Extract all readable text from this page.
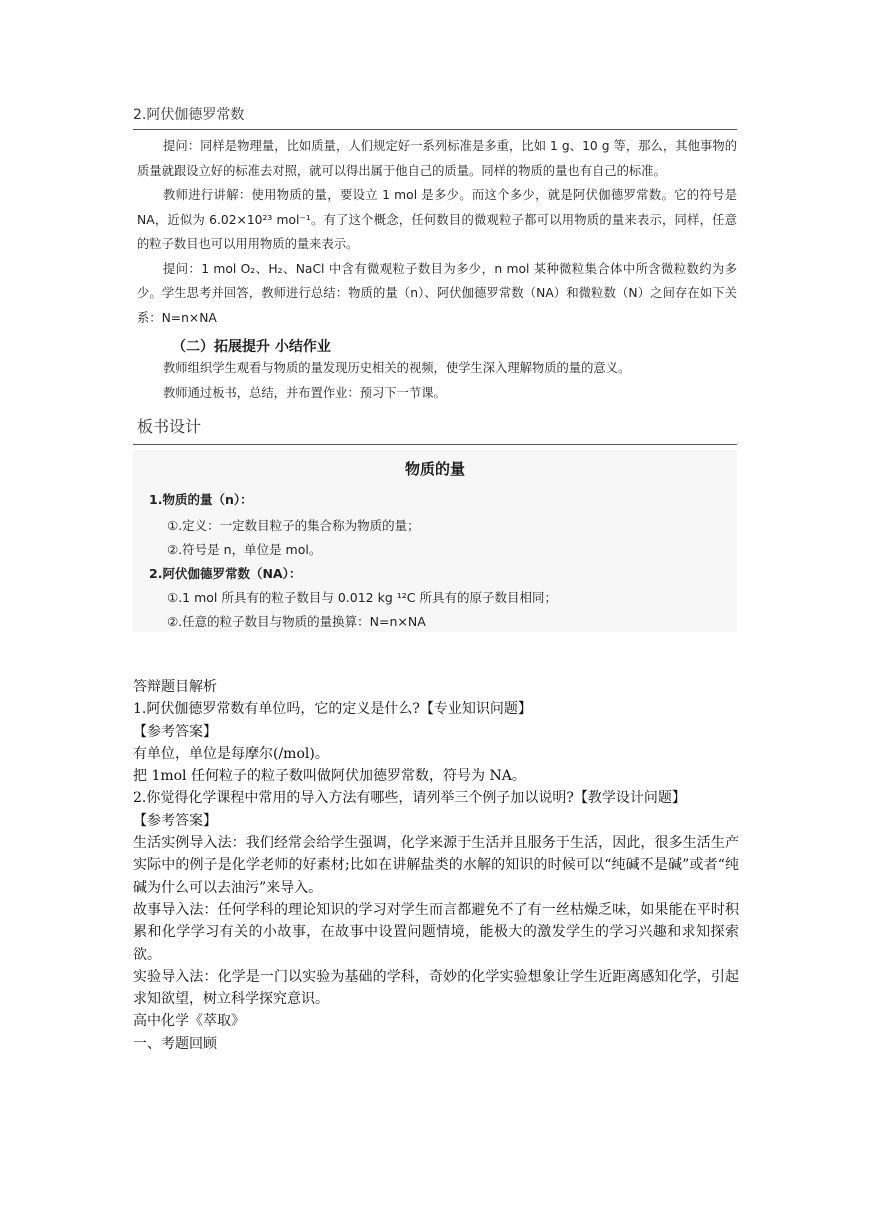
2.阿伏伽德罗常数

提问：同样是物理量，比如质量，人们规定好一系列标准是多重，比如 1 g、10 g 等，那么，其他事物的质量就跟设立好的标准去对照，就可以得出属于他自己的质量。同样的物质的量也有自己的标准。

教师进行讲解：使用物质的量，要设立 1 mol 是多少。而这个多少，就是阿伏伽德罗常数。它的符号是 NA，近似为 6.02×10²³ mol⁻¹。有了这个概念，任何数目的微观粒子都可以用物质的量来表示，同样，任意的粒子数目也可以用用物质的量来表示。

提问：1 mol O₂、H₂、NaCl 中含有微观粒子数目为多少，n mol 某种微粒集合体中所含微粒数约为多少。学生思考并回答，教师进行总结：物质的量（n）、阿伏伽德罗常数（NA）和微粒数（N）之间存在如下关系：N=n×NA

（二）拓展提升 小结作业

教师组织学生观看与物质的量发现历史相关的视频，使学生深入理解物质的量的意义。

教师通过板书，总结，并布置作业：预习下一节课。

板书设计
物质的量
1.物质的量（n）：
①.定义：一定数目粒子的集合称为物质的量；
②.符号是 n，单位是 mol。
2.阿伏伽德罗常数（NA）：
①.1 mol 所具有的粒子数目与 0.012 kg ¹²C 所具有的原子数目相同；
②.任意的粒子数目与物质的量换算：N=n×NA
答辩题目解析
1.阿伏伽德罗常数有单位吗，它的定义是什么?【专业知识问题】
【参考答案】
有单位，单位是每摩尔(/mol)。
把 1mol 任何粒子的粒子数叫做阿伏加德罗常数，符号为 NA。
2.你觉得化学课程中常用的导入方法有哪些，请列举三个例子加以说明?【教学设计问题】
【参考答案】
生活实例导入法：我们经常会给学生强调，化学来源于生活并且服务于生活，因此，很多生活生产实际中的例子是化学老师的好素材;比如在讲解盐类的水解的知识的时候可以“纯碱不是碱”或者“纯碱为什么可以去油污”来导入。
故事导入法：任何学科的理论知识的学习对学生而言都避免不了有一丝枯燥乏味，如果能在平时积累和化学学习有关的小故事，在故事中设置问题情境，能极大的激发学生的学习兴趣和求知探索欲。
实验导入法：化学是一门以实验为基础的学科，奇妙的化学实验想象让学生近距离感知化学，引起求知欲望，树立科学探究意识。
高中化学《萃取》
一、考题回顾
